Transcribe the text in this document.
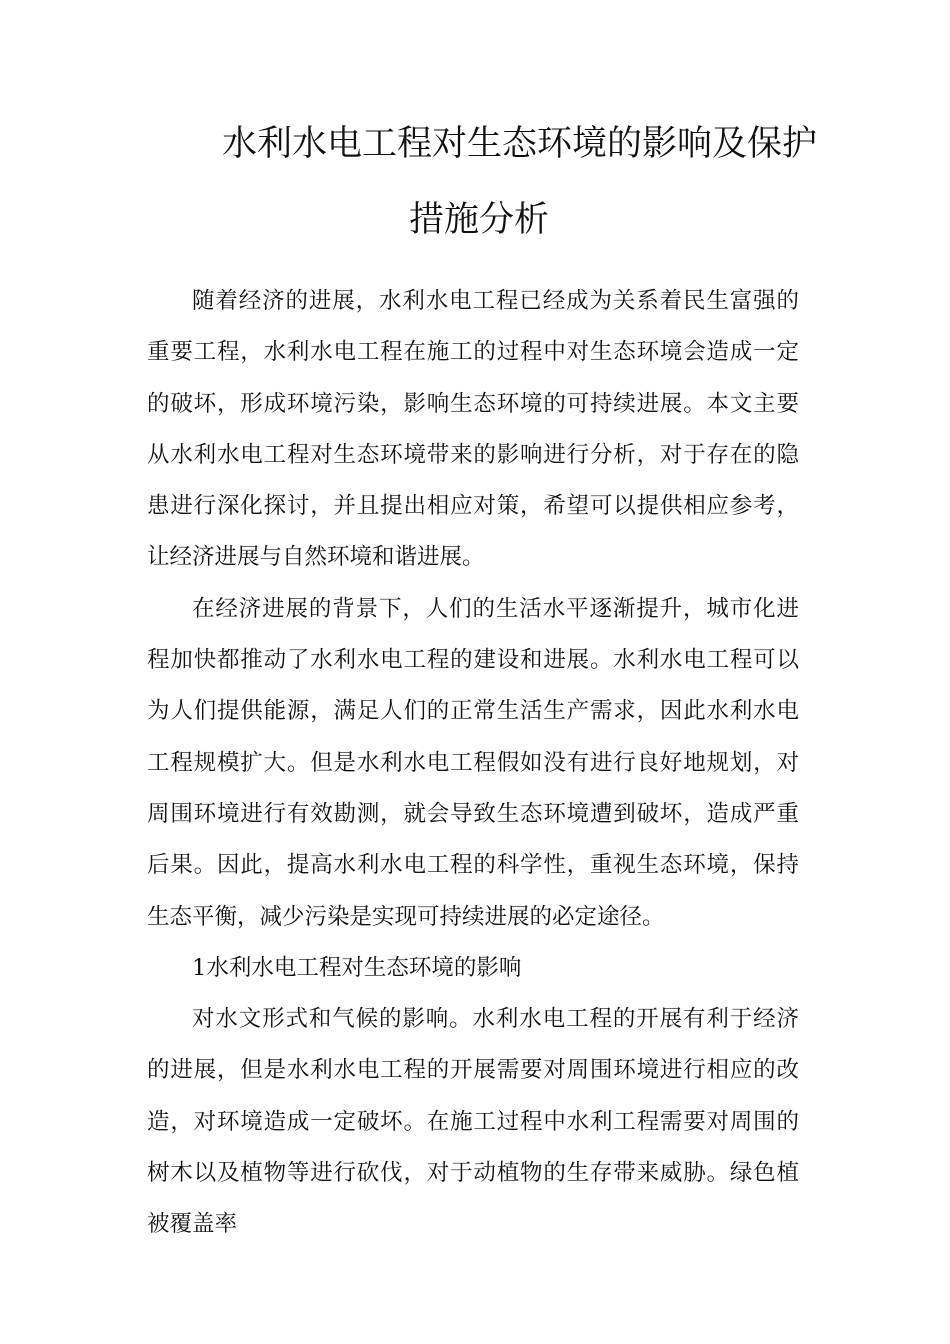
水利水电工程对生态环境的影响及保护
措施分析

随着经济的进展，水利水电工程已经成为关系着民生富强的重要工程，水利水电工程在施工的过程中对生态环境会造成一定的破坏，形成环境污染，影响生态环境的可持续进展。本文主要从水利水电工程对生态环境带来的影响进行分析，对于存在的隐患进行深化探讨，并且提出相应对策，希望可以提供相应参考，让经济进展与自然环境和谐进展。

在经济进展的背景下，人们的生活水平逐渐提升，城市化进程加快都推动了水利水电工程的建设和进展。水利水电工程可以为人们提供能源，满足人们的正常生活生产需求，因此水利水电工程规模扩大。但是水利水电工程假如没有进行良好地规划，对周围环境进行有效勘测，就会导致生态环境遭到破坏，造成严重后果。因此，提高水利水电工程的科学性，重视生态环境，保持生态平衡，减少污染是实现可持续进展的必定途径。

1水利水电工程对生态环境的影响

对水文形式和气候的影响。水利水电工程的开展有利于经济的进展，但是水利水电工程的开展需要对周围环境进行相应的改造，对环境造成一定破坏。在施工过程中水利工程需要对周围的树木以及植物等进行砍伐，对于动植物的生存带来威胁。绿色植被覆盖率
